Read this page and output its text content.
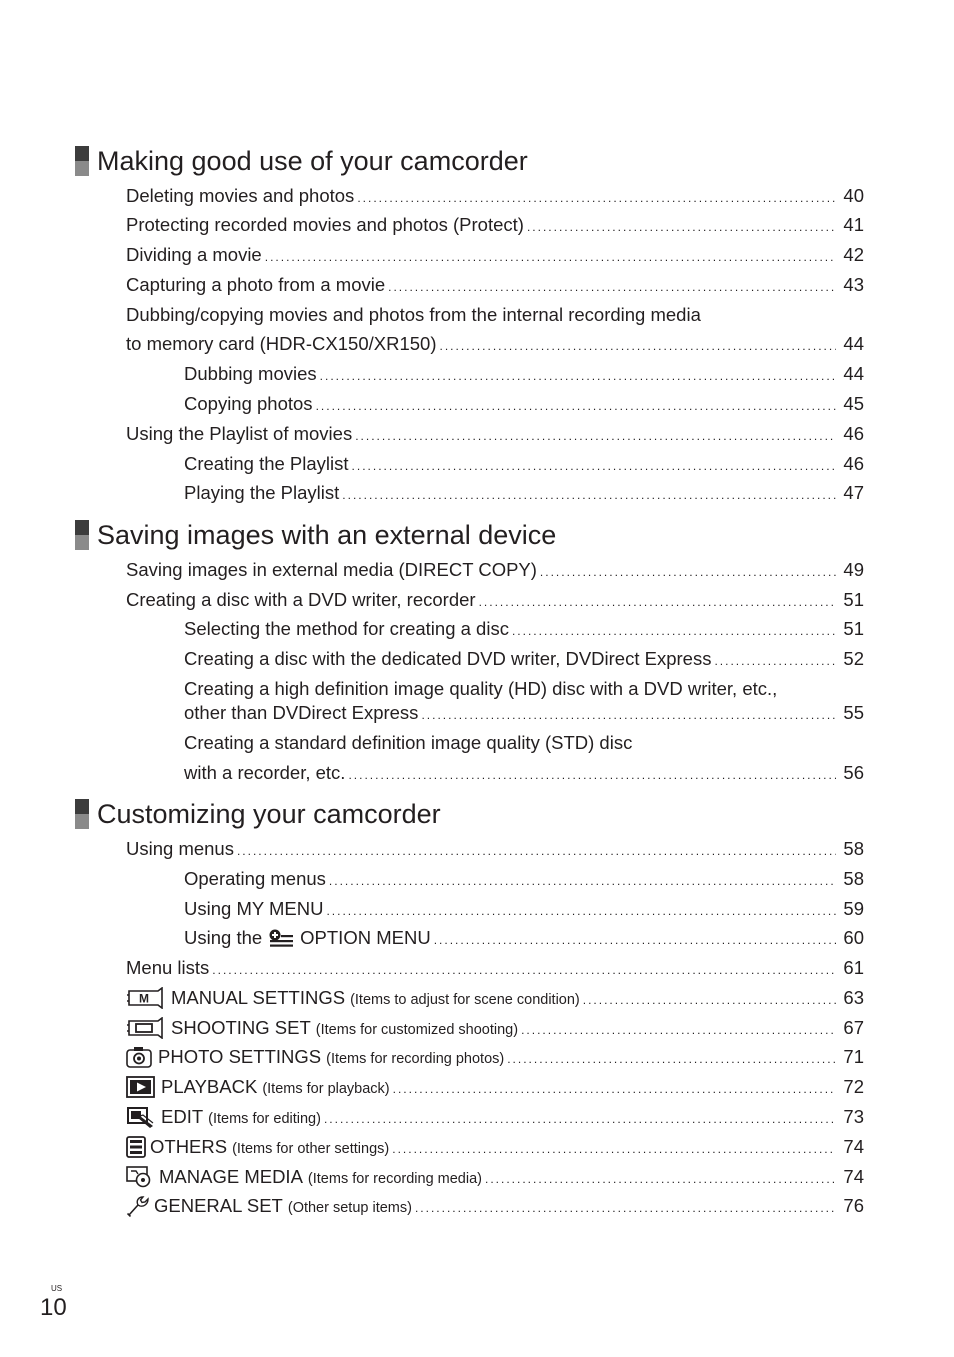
Making good use of your camcorder
Deleting movies and photos .....	40
Protecting recorded movies and photos (Protect) .....	41
Dividing a movie .....	42
Capturing a photo from a movie .....	43
Dubbing/copying movies and photos from the internal recording media
to memory card (HDR-CX150/XR150) .....	44
Dubbing movies .....	44
Copying photos .....	45
Using the Playlist of movies .....	46
Creating the Playlist .....	46
Playing the Playlist .....	47
Saving images with an external device
Saving images in external media (DIRECT COPY) .....	49
Creating a disc with a DVD writer, recorder .....	51
Selecting the method for creating a disc .....	51
Creating a disc with the dedicated DVD writer, DVDirect Express .....	52
Creating a high definition image quality (HD) disc with a DVD writer, etc.,
other than DVDirect Express .....	55
Creating a standard definition image quality (STD) disc
with a recorder, etc. .....	56
Customizing your camcorder
Using menus .....	58
Operating menus .....	58
Using MY MENU .....	59
Using the OPTION MENU .....	60
Menu lists .....	61
M MANUAL SETTINGS (Items to adjust for scene condition) .....	63
SHOOTING SET (Items for customized shooting) .....	67
PHOTO SETTINGS (Items for recording photos) .....	71
PLAYBACK (Items for playback) .....	72
EDIT (Items for editing) .....	73
OTHERS (Items for other settings) .....	74
MANAGE MEDIA (Items for recording media) .....	74
GENERAL SET (Other setup items) .....	76
US
10
